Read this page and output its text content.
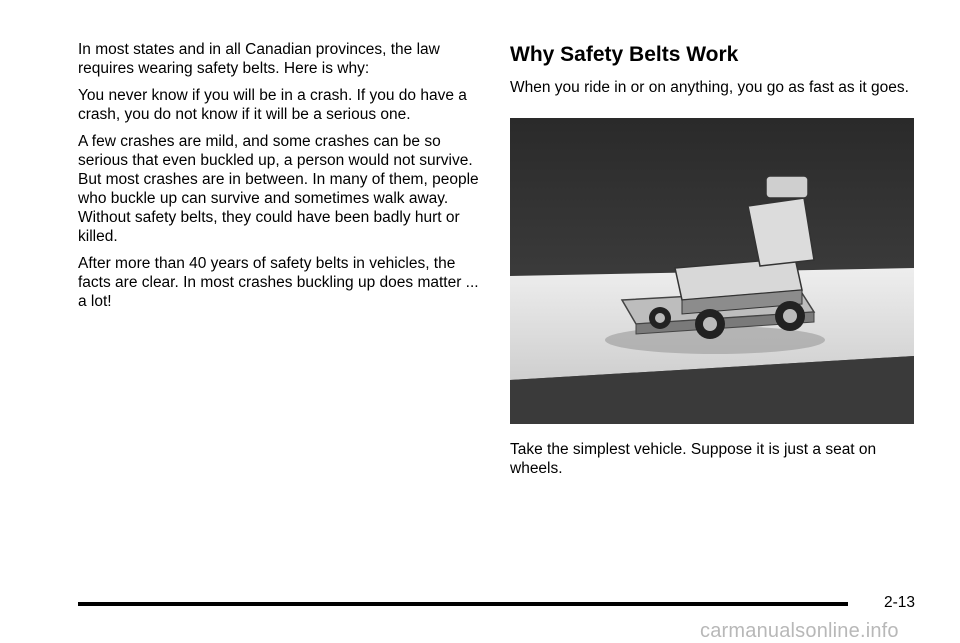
In most states and in all Canadian provinces, the law requires wearing safety belts. Here is why:

You never know if you will be in a crash. If you do have a crash, you do not know if it will be a serious one.

A few crashes are mild, and some crashes can be so serious that even buckled up, a person would not survive. But most crashes are in between. In many of them, people who buckle up can survive and sometimes walk away. Without safety belts, they could have been badly hurt or killed.

After more than 40 years of safety belts in vehicles, the facts are clear. In most crashes buckling up does matter ... a lot!

Why Safety Belts Work

When you ride in or on anything, you go as fast as it goes.

Take the simplest vehicle. Suppose it is just a seat on wheels.
2-13
carmanualsonline.info
